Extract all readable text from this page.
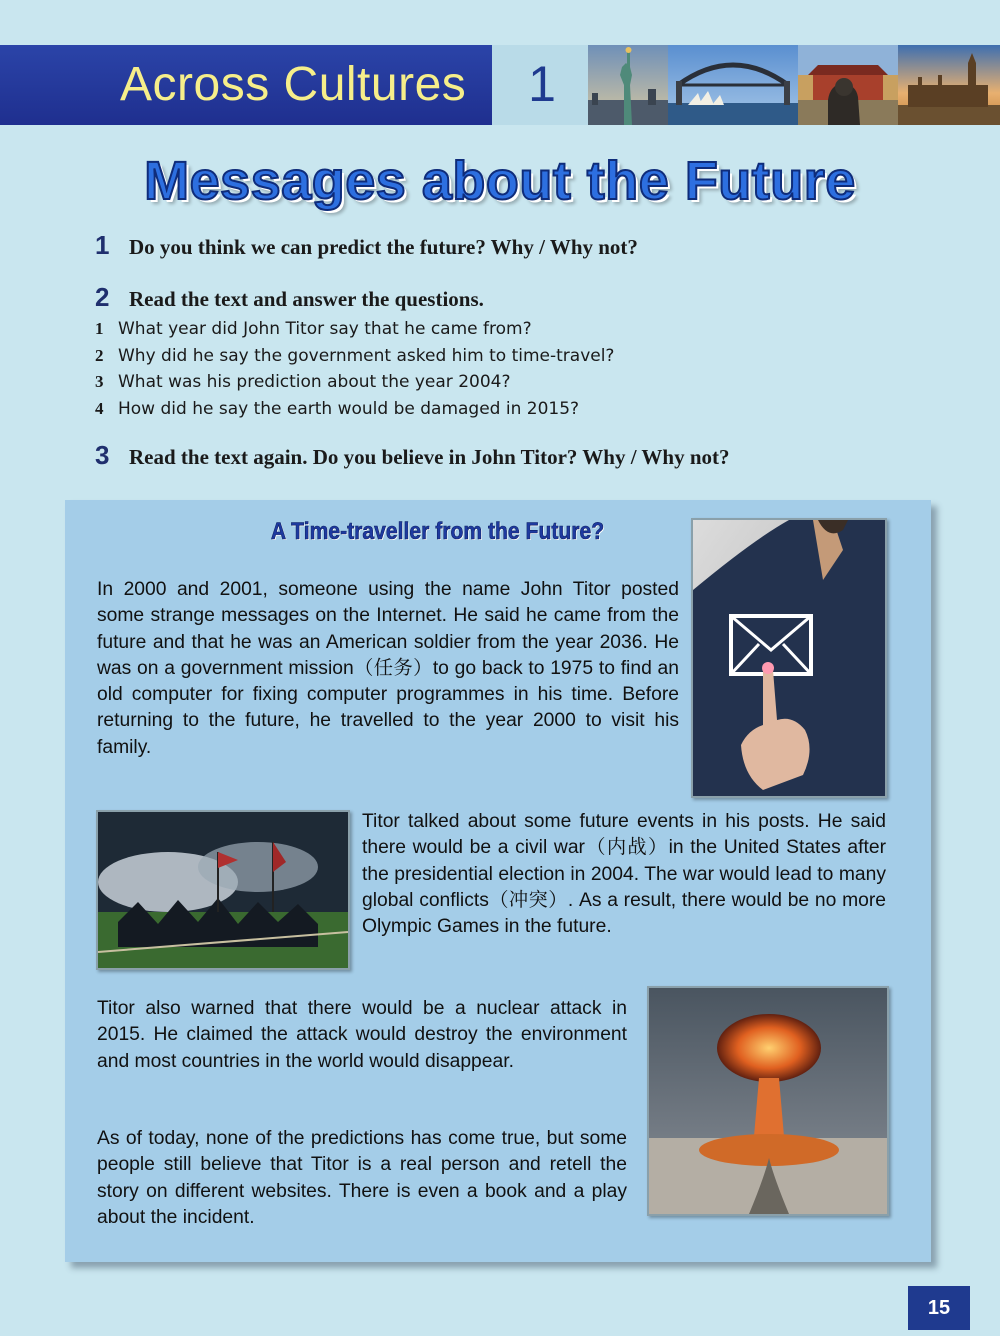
Across Cultures	1
Messages about the Future
1 Do you think we can predict the future? Why / Why not?
2 Read the text and answer the questions.
1 What year did John Titor say that he came from?
2 Why did he say the government asked him to time-travel?
3 What was his prediction about the year 2004?
4 How did he say the earth would be damaged in 2015?
3 Read the text again. Do you believe in John Titor? Why / Why not?
A Time-traveller from the Future?
In 2000 and 2001, someone using the name John Titor posted some strange messages on the Internet. He said he came from the future and that he was an American soldier from the year 2036. He was on a government mission（任务）to go back to 1975 to find an old computer for fixing computer programmes in his time. Before returning to the future, he travelled to the year 2000 to visit his family.
Titor talked about some future events in his posts. He said there would be a civil war（内战）in the United States after the presidential election in 2004. The war would lead to many global conflicts（冲突）. As a result, there would be no more Olympic Games in the future.
Titor also warned that there would be a nuclear attack in 2015. He claimed the attack would destroy the environment and most countries in the world would disappear.
As of today, none of the predictions has come true, but some people still believe that Titor is a real person and retell the story on different websites. There is even a book and a play about the incident.
15
